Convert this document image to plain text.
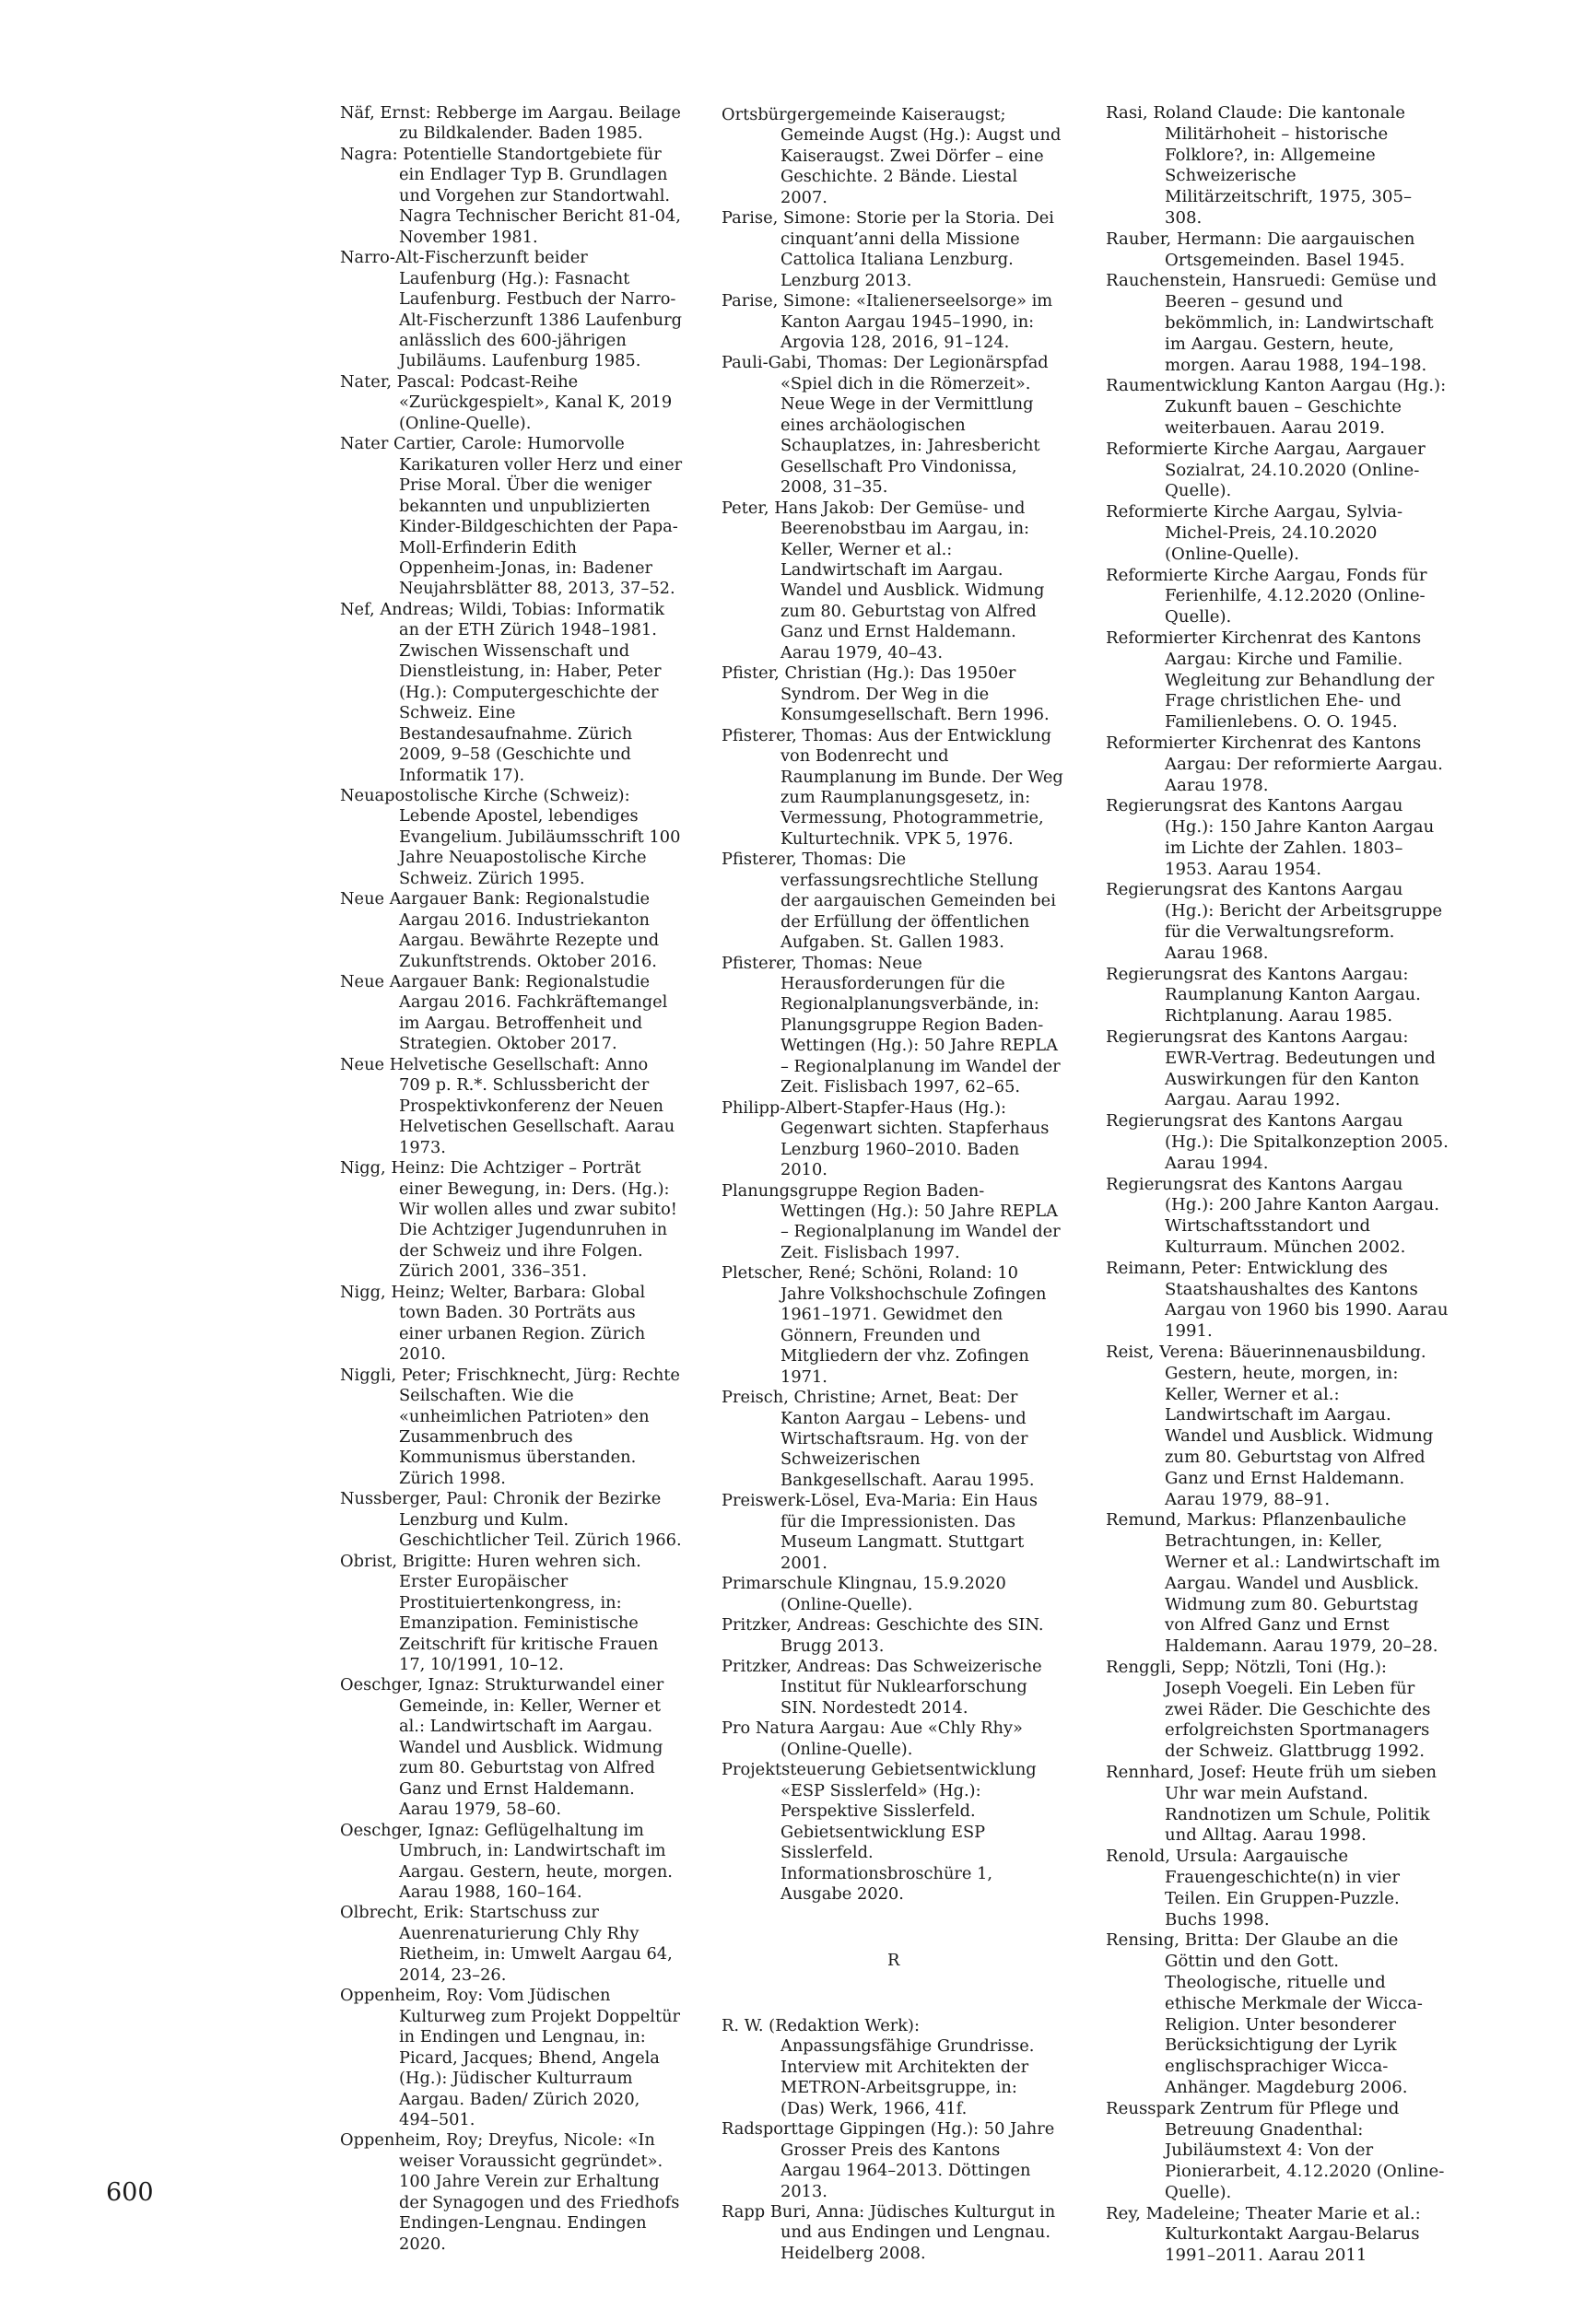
Näf, Ernst: Rebberge im Aargau. Beilage zu Bildkalender. Baden 1985.

Nagra: Potentielle Standortgebiete für ein Endlager Typ B. Grundlagen und Vorgehen zur Standortwahl. Nagra Technischer Bericht 81-04, November 1981.

Narro-Alt-Fischerzunft beider Laufenburg (Hg.): Fasnacht Laufenburg. Festbuch der Narro-Alt-Fischerzunft 1386 Laufenburg anlässlich des 600-jährigen Jubiläums. Laufenburg 1985.

Nater, Pascal: Podcast-Reihe «Zurückgespielt», Kanal K, 2019 (Online-Quelle).

Nater Cartier, Carole: Humorvolle Karikaturen voller Herz und einer Prise Moral. Über die weniger bekannten und unpublizierten Kinder-Bildgeschichten der Papa-Moll-Erfinderin Edith Oppenheim-Jonas, in: Badener Neujahrsblätter 88, 2013, 37–52.

Nef, Andreas; Wildi, Tobias: Informatik an der ETH Zürich 1948–1981. Zwischen Wissenschaft und Dienstleistung, in: Haber, Peter (Hg.): Computergeschichte der Schweiz. Eine Bestandesaufnahme. Zürich 2009, 9–58 (Geschichte und Informatik 17).

Neuapostolische Kirche (Schweiz): Lebende Apostel, lebendiges Evangelium. Jubiläumsschrift 100 Jahre Neuapostolische Kirche Schweiz. Zürich 1995.

Neue Aargauer Bank: Regionalstudie Aargau 2016. Industriekanton Aargau. Bewährte Rezepte und Zukunftstrends. Oktober 2016.

Neue Aargauer Bank: Regionalstudie Aargau 2016. Fachkräftemangel im Aargau. Betroffenheit und Strategien. Oktober 2017.

Neue Helvetische Gesellschaft: Anno 709 p. R.*. Schlussbericht der Prospektivkonferenz der Neuen Helvetischen Gesellschaft. Aarau 1973.

Nigg, Heinz: Die Achtziger – Porträt einer Bewegung, in: Ders. (Hg.): Wir wollen alles und zwar subito! Die Achtziger Jugendunruhen in der Schweiz und ihre Folgen. Zürich 2001, 336–351.

Nigg, Heinz; Welter, Barbara: Global town Baden. 30 Porträts aus einer urbanen Region. Zürich 2010.

Niggli, Peter; Frischknecht, Jürg: Rechte Seilschaften. Wie die «unheimlichen Patrioten» den Zusammenbruch des Kommunismus überstanden. Zürich 1998.

Nussberger, Paul: Chronik der Bezirke Lenzburg und Kulm. Geschichtlicher Teil. Zürich 1966.

Obrist, Brigitte: Huren wehren sich. Erster Europäischer Prostituiertenkongress, in: Emanzipation. Feministische Zeitschrift für kritische Frauen 17, 10/1991, 10–12.

Oeschger, Ignaz: Strukturwandel einer Gemeinde, in: Keller, Werner et al.: Landwirtschaft im Aargau. Wandel und Ausblick. Widmung zum 80. Geburtstag von Alfred Ganz und Ernst Haldemann. Aarau 1979, 58–60.

Oeschger, Ignaz: Geflügelhaltung im Umbruch, in: Landwirtschaft im Aargau. Gestern, heute, morgen. Aarau 1988, 160–164.

Olbrecht, Erik: Startschuss zur Auenrenaturierung Chly Rhy Rietheim, in: Umwelt Aargau 64, 2014, 23–26.

Oppenheim, Roy: Vom Jüdischen Kulturweg zum Projekt Doppeltür in Endingen und Lengnau, in: Picard, Jacques; Bhend, Angela (Hg.): Jüdischer Kulturraum Aargau. Baden/ Zürich 2020, 494–501.

Oppenheim, Roy; Dreyfus, Nicole: «In weiser Voraussicht gegründet». 100 Jahre Verein zur Erhaltung der Synagogen und des Friedhofs Endingen-Lengnau. Endingen 2020.

Ortsbürgergemeinde Kaiseraugst; Gemeinde Augst (Hg.): Augst und Kaiseraugst. Zwei Dörfer – eine Geschichte. 2 Bände. Liestal 2007.

Parise, Simone: Storie per la Storia. Dei cinquant’anni della Missione Cattolica Italiana Lenzburg. Lenzburg 2013.

Parise, Simone: «Italienerseelsorge» im Kanton Aargau 1945–1990, in: Argovia 128, 2016, 91–124.

Pauli-Gabi, Thomas: Der Legionärspfad «Spiel dich in die Römerzeit». Neue Wege in der Vermittlung eines archäologischen Schauplatzes, in: Jahresbericht Gesellschaft Pro Vindonissa, 2008, 31–35.

Peter, Hans Jakob: Der Gemüse- und Beerenobstbau im Aargau, in: Keller, Werner et al.: Landwirtschaft im Aargau. Wandel und Ausblick. Widmung zum 80. Geburtstag von Alfred Ganz und Ernst Haldemann. Aarau 1979, 40–43.

Pfister, Christian (Hg.): Das 1950er Syndrom. Der Weg in die Konsumgesellschaft. Bern 1996.

Pfisterer, Thomas: Aus der Entwicklung von Bodenrecht und Raumplanung im Bunde. Der Weg zum Raumplanungsgesetz, in: Vermessung, Photogrammetrie, Kulturtechnik. VPK 5, 1976.

Pfisterer, Thomas: Die verfassungsrechtliche Stellung der aargauischen Gemeinden bei der Erfüllung der öffentlichen Aufgaben. St. Gallen 1983.

Pfisterer, Thomas: Neue Herausforderungen für die Regionalplanungsverbände, in: Planungsgruppe Region Baden-Wettingen (Hg.): 50 Jahre REPLA – Regionalplanung im Wandel der Zeit. Fislisbach 1997, 62–65.

Philipp-Albert-Stapfer-Haus (Hg.): Gegenwart sichten. Stapferhaus Lenzburg 1960–2010. Baden 2010.

Planungsgruppe Region Baden-Wettingen (Hg.): 50 Jahre REPLA – Regionalplanung im Wandel der Zeit. Fislisbach 1997.

Pletscher, René; Schöni, Roland: 10 Jahre Volkshochschule Zofingen 1961–1971. Gewidmet den Gönnern, Freunden und Mitgliedern der vhz. Zofingen 1971.

Preisch, Christine; Arnet, Beat: Der Kanton Aargau – Lebens- und Wirtschaftsraum. Hg. von der Schweizerischen Bankgesellschaft. Aarau 1995.

Preiswerk-Lösel, Eva-Maria: Ein Haus für die Impressionisten. Das Museum Langmatt. Stuttgart 2001.

Primarschule Klingnau, 15.9.2020 (Online-Quelle).

Pritzker, Andreas: Geschichte des SIN. Brugg 2013.

Pritzker, Andreas: Das Schweizerische Institut für Nuklearforschung SIN. Nordestedt 2014.

Pro Natura Aargau: Aue «Chly Rhy» (Online-Quelle).

Projektsteuerung Gebietsentwicklung «ESP Sisslerfeld» (Hg.): Perspektive Sisslerfeld. Gebietsentwicklung ESP Sisslerfeld. Informationsbroschüre 1, Ausgabe 2020.

R

R. W. (Redaktion Werk): Anpassungsfähige Grundrisse. Interview mit Architekten der METRON-Arbeitsgruppe, in: (Das) Werk, 1966, 41f.

Radsporttage Gippingen (Hg.): 50 Jahre Grosser Preis des Kantons Aargau 1964–2013. Döttingen 2013.

Rapp Buri, Anna: Jüdisches Kulturgut in und aus Endingen und Lengnau. Heidelberg 2008.

Rasi, Roland Claude: Die kantonale Militärhoheit – historische Folklore?, in: Allgemeine Schweizerische Militärzeitschrift, 1975, 305–308.

Rauber, Hermann: Die aargauischen Ortsgemeinden. Basel 1945.

Rauchenstein, Hansruedi: Gemüse und Beeren – gesund und bekömmlich, in: Landwirtschaft im Aargau. Gestern, heute, morgen. Aarau 1988, 194–198.

Raumentwicklung Kanton Aargau (Hg.): Zukunft bauen – Geschichte weiterbauen. Aarau 2019.

Reformierte Kirche Aargau, Aargauer Sozialrat, 24.10.2020 (Online-Quelle).

Reformierte Kirche Aargau, Sylvia-Michel-Preis, 24.10.2020 (Online-Quelle).

Reformierte Kirche Aargau, Fonds für Ferienhilfe, 4.12.2020 (Online-Quelle).

Reformierter Kirchenrat des Kantons Aargau: Kirche und Familie. Wegleitung zur Behandlung der Frage christlichen Ehe- und Familienlebens. O. O. 1945.

Reformierter Kirchenrat des Kantons Aargau: Der reformierte Aargau. Aarau 1978.

Regierungsrat des Kantons Aargau (Hg.): 150 Jahre Kanton Aargau im Lichte der Zahlen. 1803–1953. Aarau 1954.

Regierungsrat des Kantons Aargau (Hg.): Bericht der Arbeitsgruppe für die Verwaltungsreform. Aarau 1968.

Regierungsrat des Kantons Aargau: Raumplanung Kanton Aargau. Richtplanung. Aarau 1985.

Regierungsrat des Kantons Aargau: EWR-Vertrag. Bedeutungen und Auswirkungen für den Kanton Aargau. Aarau 1992.

Regierungsrat des Kantons Aargau (Hg.): Die Spitalkonzeption 2005. Aarau 1994.

Regierungsrat des Kantons Aargau (Hg.): 200 Jahre Kanton Aargau. Wirtschaftsstandort und Kulturraum. München 2002.

Reimann, Peter: Entwicklung des Staatshaushaltes des Kantons Aargau von 1960 bis 1990. Aarau 1991.

Reist, Verena: Bäuerinnenausbildung. Gestern, heute, morgen, in: Keller, Werner et al.: Landwirtschaft im Aargau. Wandel und Ausblick. Widmung zum 80. Geburtstag von Alfred Ganz und Ernst Haldemann. Aarau 1979, 88–91.

Remund, Markus: Pflanzenbauliche Betrachtungen, in: Keller, Werner et al.: Landwirtschaft im Aargau. Wandel und Ausblick. Widmung zum 80. Geburtstag von Alfred Ganz und Ernst Haldemann. Aarau 1979, 20–28.

Renggli, Sepp; Nötzli, Toni (Hg.): Joseph Voegeli. Ein Leben für zwei Räder. Die Geschichte des erfolgreichsten Sportmanagers der Schweiz. Glattbrugg 1992.

Rennhard, Josef: Heute früh um sieben Uhr war mein Aufstand. Randnotizen um Schule, Politik und Alltag. Aarau 1998.

Renold, Ursula: Aargauische Frauengeschichte(n) in vier Teilen. Ein Gruppen-Puzzle. Buchs 1998.

Rensing, Britta: Der Glaube an die Göttin und den Gott. Theologische, rituelle und ethische Merkmale der Wicca-Religion. Unter besonderer Berücksichtigung der Lyrik englischsprachiger Wicca-Anhänger. Magdeburg 2006.

Reusspark Zentrum für Pflege und Betreuung Gnadenthal: Jubiläumstext 4: Von der Pionierarbeit, 4.12.2020 (Online-Quelle).

Rey, Madeleine; Theater Marie et al.: Kulturkontakt Aargau-Belarus 1991–2011. Aarau 2011

600
